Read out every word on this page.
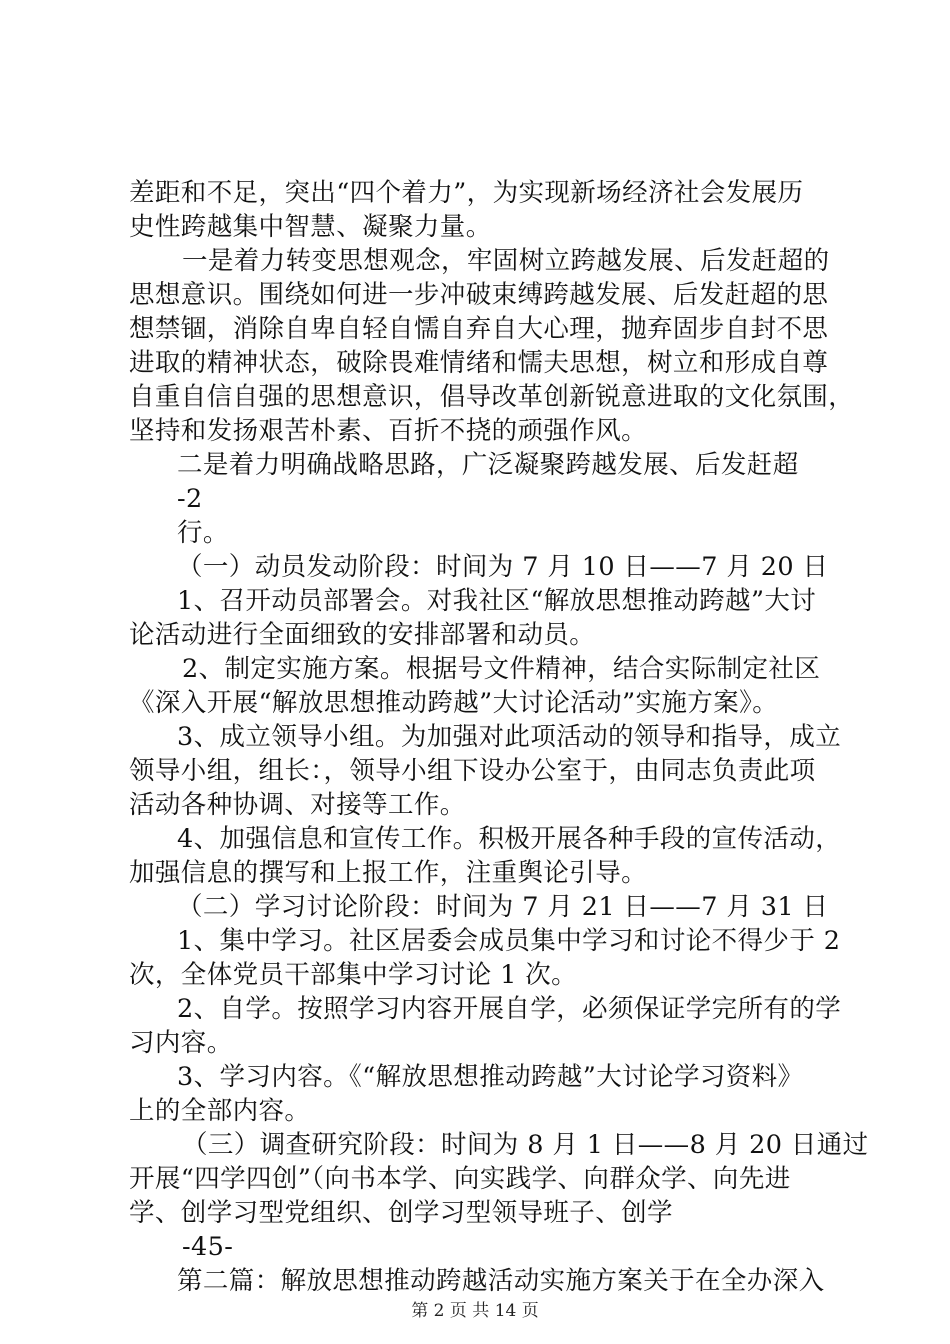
差距和不足，突出“四个着力”，为实现新场经济社会发展历
史性跨越集中智慧、凝聚力量。
一是着力转变思想观念，牢固树立跨越发展、后发赶超的
思想意识。围绕如何进一步冲破束缚跨越发展、后发赶超的思
想禁锢，消除自卑自轻自懦自弃自大心理，抛弃固步自封不思
进取的精神状态，破除畏难情绪和懦夫思想，树立和形成自尊
自重自信自强的思想意识，倡导改革创新锐意进取的文化氛围，
坚持和发扬艰苦朴素、百折不挠的顽强作风。
二是着力明确战略思路，广泛凝聚跨越发展、后发赶超
-2
行。
（一）动员发动阶段：时间为 7 月 10 日——7 月 20 日
1、召开动员部署会。对我社区“解放思想推动跨越”大讨
论活动进行全面细致的安排部署和动员。
2、制定实施方案。根据号文件精神，结合实际制定社区
《深入开展“解放思想推动跨越”大讨论活动”实施方案》。
3、成立领导小组。为加强对此项活动的领导和指导，成立
领导小组，组长：，领导小组下设办公室于，由同志负责此项
活动各种协调、对接等工作。
4、加强信息和宣传工作。积极开展各种手段的宣传活动，
加强信息的撰写和上报工作，注重舆论引导。
（二）学习讨论阶段：时间为 7 月 21 日——7 月 31 日
1、集中学习。社区居委会成员集中学习和讨论不得少于 2
次，全体党员干部集中学习讨论 1 次。
2、自学。按照学习内容开展自学，必须保证学完所有的学
习内容。
3、学习内容。《“解放思想推动跨越”大讨论学习资料》
上的全部内容。
（三）调查研究阶段：时间为 8 月 1 日——8 月 20 日通过
开展“四学四创”（向书本学、向实践学、向群众学、向先进
学、创学习型党组织、创学习型领导班子、创学
-45-
第二篇：解放思想推动跨越活动实施方案关于在全办深入
第 2 页 共 14 页
